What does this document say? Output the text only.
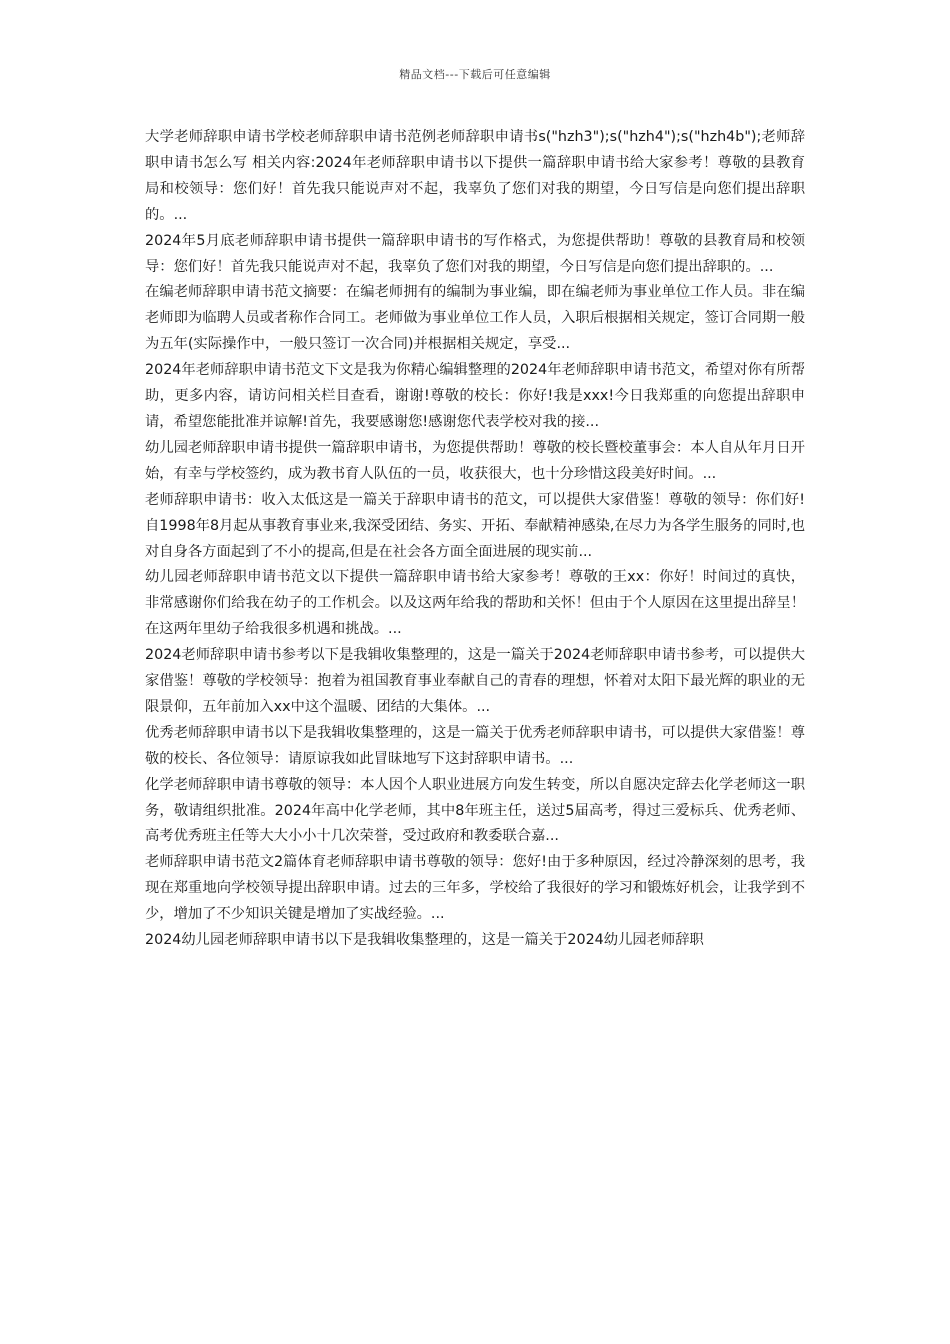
精品文档---下载后可任意编辑

大学老师辞职申请书学校老师辞职申请书范例老师辞职申请书s("hzh3");s("hzh4");s("hzh4b");老师辞职申请书怎么写 相关内容:2024年老师辞职申请书以下提供一篇辞职申请书给大家参考！尊敬的县教育局和校领导：您们好！首先我只能说声对不起，我辜负了您们对我的期望，今日写信是向您们提出辞职的。...

2024年5月底老师辞职申请书提供一篇辞职申请书的写作格式，为您提供帮助！尊敬的县教育局和校领导：您们好！首先我只能说声对不起，我辜负了您们对我的期望，今日写信是向您们提出辞职的。...

在编老师辞职申请书范文摘要：在编老师拥有的编制为事业编，即在编老师为事业单位工作人员。非在编老师即为临聘人员或者称作合同工。老师做为事业单位工作人员，入职后根据相关规定，签订合同期一般为五年(实际操作中，一般只签订一次合同)并根据相关规定，享受...

2024年老师辞职申请书范文下文是我为你精心编辑整理的2024年老师辞职申请书范文，希望对你有所帮助，更多内容，请访问相关栏目查看，谢谢!尊敬的校长：你好!我是xxx!今日我郑重的向您提出辞职申请，希望您能批准并谅解!首先，我要感谢您!感谢您代表学校对我的接...

幼儿园老师辞职申请书提供一篇辞职申请书，为您提供帮助！尊敬的校长暨校董事会：本人自从年月日开始，有幸与学校签约，成为教书育人队伍的一员，收获很大，也十分珍惜这段美好时间。...

老师辞职申请书：收入太低这是一篇关于辞职申请书的范文，可以提供大家借鉴！尊敬的领导：你们好!自1998年8月起从事教育事业来,我深受团结、务实、开拓、奉献精神感染,在尽力为各学生服务的同时,也对自身各方面起到了不小的提高,但是在社会各方面全面进展的现实前...

幼儿园老师辞职申请书范文以下提供一篇辞职申请书给大家参考！尊敬的王xx：你好！时间过的真快，非常感谢你们给我在幼子的工作机会。以及这两年给我的帮助和关怀！但由于个人原因在这里提出辞呈！在这两年里幼子给我很多机遇和挑战。...

2024老师辞职申请书参考以下是我辑收集整理的，这是一篇关于2024老师辞职申请书参考，可以提供大家借鉴！尊敬的学校领导：抱着为祖国教育事业奉献自己的青春的理想，怀着对太阳下最光辉的职业的无限景仰，五年前加入xx中这个温暖、团结的大集体。...

优秀老师辞职申请书以下是我辑收集整理的，这是一篇关于优秀老师辞职申请书，可以提供大家借鉴！尊敬的校长、各位领导：请原谅我如此冒昧地写下这封辞职申请书。...

化学老师辞职申请书尊敬的领导：本人因个人职业进展方向发生转变，所以自愿决定辞去化学老师这一职务，敬请组织批准。2024年高中化学老师，其中8年班主任，送过5届高考，得过三爱标兵、优秀老师、高考优秀班主任等大大小小十几次荣誉，受过政府和教委联合嘉...

老师辞职申请书范文2篇体育老师辞职申请书尊敬的领导：您好!由于多种原因，经过冷静深刻的思考，我现在郑重地向学校领导提出辞职申请。过去的三年多，学校给了我很好的学习和锻炼好机会，让我学到不少，增加了不少知识关键是增加了实战经验。...

2024幼儿园老师辞职申请书以下是我辑收集整理的，这是一篇关于2024幼儿园老师辞职
